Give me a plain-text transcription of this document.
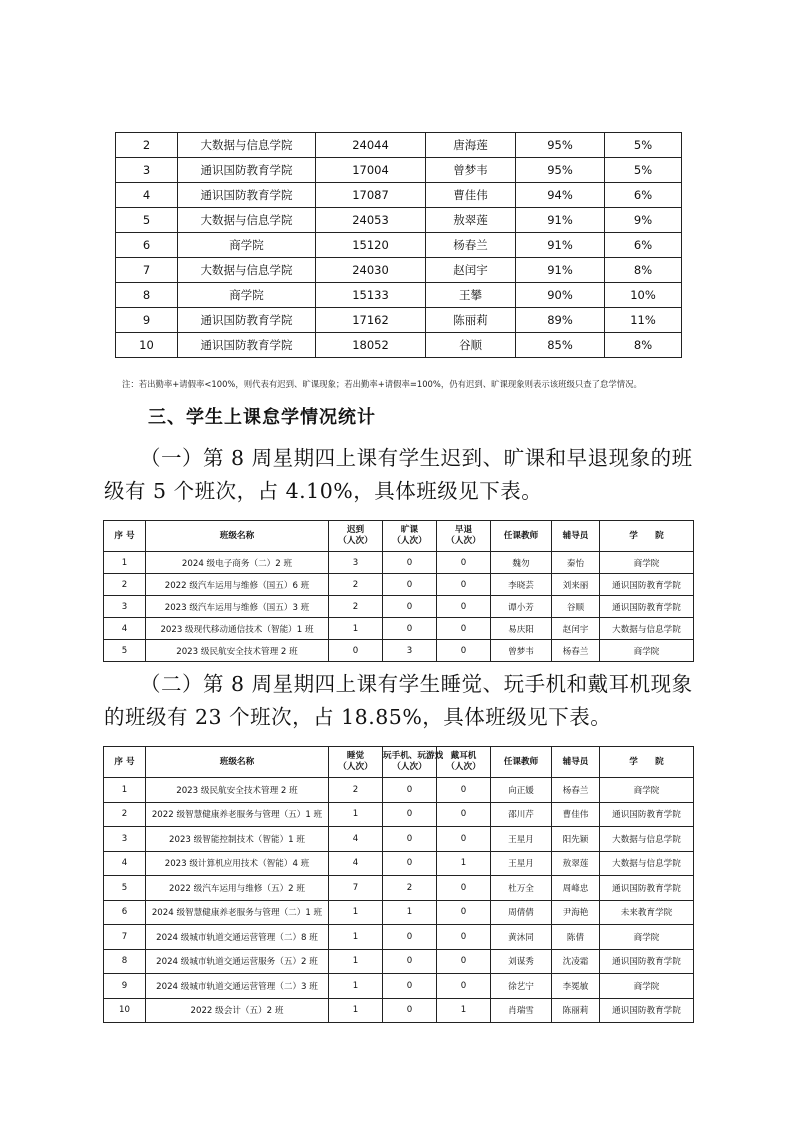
2	大数据与信息学院	24044	唐海莲	95%	5%
3	通识国防教育学院	17004	曾梦韦	95%	5%
4	通识国防教育学院	17087	曹佳伟	94%	6%
5	大数据与信息学院	24053	敖翠莲	91%	9%
6	商学院	15120	杨春兰	91%	6%
7	大数据与信息学院	24030	赵闰宇	91%	8%
8	商学院	15133	王攀	90%	10%
9	通识国防教育学院	17162	陈丽莉	89%	11%
10	通识国防教育学院	18052	谷顺	85%	8%
注：若出勤率+请假率<100%，则代表有迟到、旷课现象；若出勤率+请假率=100%，仍有迟到、旷课现象则表示该班级只查了怠学情况。
三、学生上课怠学情况统计
（一）第 8 周星期四上课有学生迟到、旷课和早退现象的班
级有 5 个班次，占 4.10%，具体班级见下表。
序 号	班级名称	迟到
（人次）	旷课
（人次）	早退
（人次）	任课教师	辅导员	学　　院
1	2024 级电子商务（二）2 班	3	0	0	魏勿	秦怡	商学院
2	2022 级汽车运用与维修（国五）6 班	2	0	0	李晓芸	刘来丽	通识国防教育学院
3	2023 级汽车运用与维修（国五）3 班	2	0	0	谭小芳	谷顺	通识国防教育学院
4	2023 级现代移动通信技术（智能）1 班	1	0	0	易庆阳	赵闰宇	大数据与信息学院
5	2023 级民航安全技术管理 2 班	0	3	0	曾梦韦	杨春兰	商学院
（二）第 8 周星期四上课有学生睡觉、玩手机和戴耳机现象
的班级有 23 个班次，占 18.85%，具体班级见下表。
序 号	班级名称	睡觉
（人次）	玩手机、玩游戏
（人次）	戴耳机
（人次）	任课教师	辅导员	学　　院
1	2023 级民航安全技术管理 2 班	2	0	0	向正媛	杨春兰	商学院
2	2022 级智慧健康养老服务与管理（五）1 班	1	0	0	邵川芹	曹佳伟	通识国防教育学院
3	2023 级智能控制技术（智能）1 班	4	0	0	王星月	阳先颖	大数据与信息学院
4	2023 级计算机应用技术（智能）4 班	4	0	1	王星月	敖翠莲	大数据与信息学院
5	2022 级汽车运用与维修（五）2 班	7	2	0	杜万全	周峰忠	通识国防教育学院
6	2024 级智慧健康养老服务与管理（二）1 班	1	1	0	周倩倩	尹海艳	未来教育学院
7	2024 级城市轨道交通运营管理（二）8 班	1	0	0	黄沐同	陈倩	商学院
8	2024 级城市轨道交通运营服务（五）2 班	1	0	0	刘谋秀	沈凌霜	通识国防教育学院
9	2024 级城市轨道交通运营管理（二）3 班	1	0	0	徐艺宁	李冕敏	商学院
10	2022 级会计（五）2 班	1	0	1	肖瑞雪	陈丽莉	通识国防教育学院
